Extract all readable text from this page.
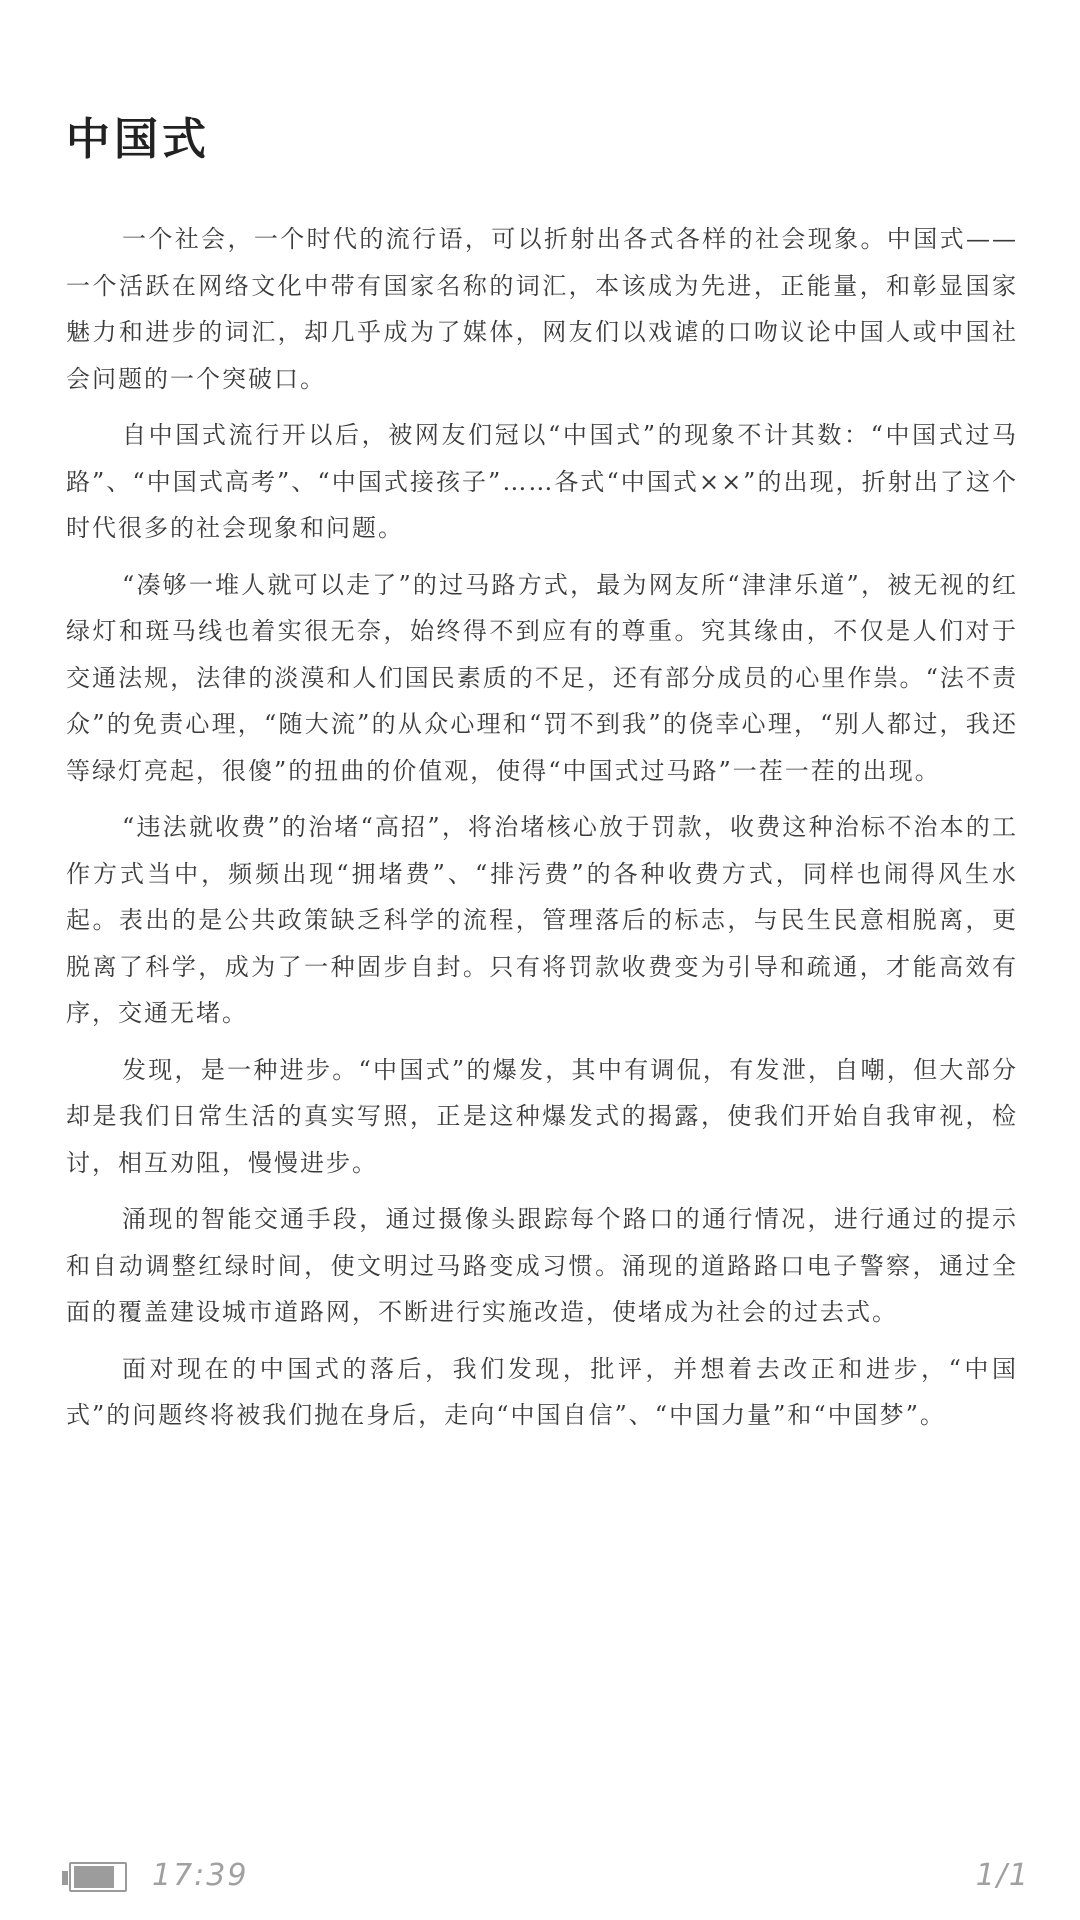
中国式

一个社会，一个时代的流行语，可以折射出各式各样的社会现象。中国式——一个活跃在网络文化中带有国家名称的词汇，本该成为先进，正能量，和彰显国家魅力和进步的词汇，却几乎成为了媒体，网友们以戏谑的口吻议论中国人或中国社会问题的一个突破口。

自中国式流行开以后，被网友们冠以“中国式”的现象不计其数：“中国式过马路”、“中国式高考”、“中国式接孩子”……各式“中国式××”的出现，折射出了这个时代很多的社会现象和问题。

“凑够一堆人就可以走了”的过马路方式，最为网友所“津津乐道”，被无视的红绿灯和斑马线也着实很无奈，始终得不到应有的尊重。究其缘由，不仅是人们对于交通法规，法律的淡漠和人们国民素质的不足，还有部分成员的心里作祟。“法不责众”的免责心理，“随大流”的从众心理和“罚不到我”的侥幸心理，“别人都过，我还等绿灯亮起，很傻”的扭曲的价值观，使得“中国式过马路”一茬一茬的出现。

“违法就收费”的治堵“高招”，将治堵核心放于罚款，收费这种治标不治本的工作方式当中，频频出现“拥堵费”、“排污费”的各种收费方式，同样也闹得风生水起。表出的是公共政策缺乏科学的流程，管理落后的标志，与民生民意相脱离，更脱离了科学，成为了一种固步自封。只有将罚款收费变为引导和疏通，才能高效有序，交通无堵。

发现，是一种进步。“中国式”的爆发，其中有调侃，有发泄，自嘲，但大部分却是我们日常生活的真实写照，正是这种爆发式的揭露，使我们开始自我审视，检讨，相互劝阻，慢慢进步。

涌现的智能交通手段，通过摄像头跟踪每个路口的通行情况，进行通过的提示和自动调整红绿时间，使文明过马路变成习惯。涌现的道路路口电子警察，通过全面的覆盖建设城市道路网，不断进行实施改造，使堵成为社会的过去式。

面对现在的中国式的落后，我们发现，批评，并想着去改正和进步，“中国式”的问题终将被我们抛在身后，走向“中国自信”、“中国力量”和“中国梦”。

17:39	1/1
